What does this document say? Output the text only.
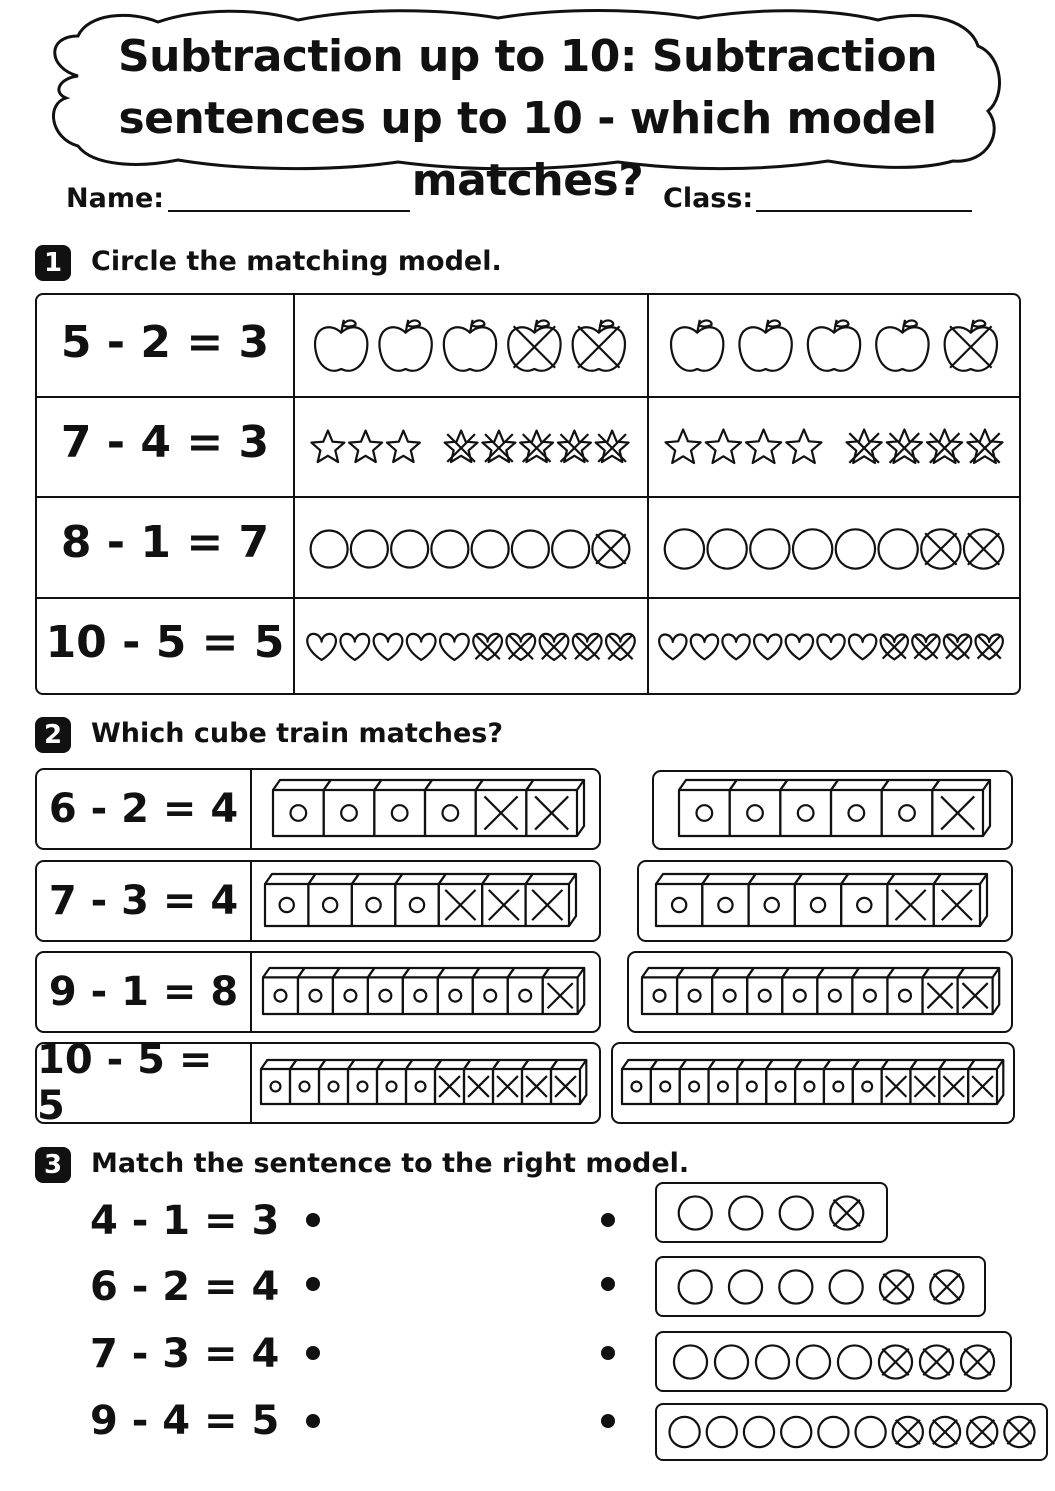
Subtraction up to 10: Subtraction sentences up to 10 - which model matches?
Name:	Class:
1	Circle the matching model.
5 - 2 = 3
7 - 4 = 3
8 - 1 = 7
10 - 5 = 5
2	Which cube train matches?
6 - 2 = 4
7 - 3 = 4
9 - 1 = 8
10 - 5 = 5
3	Match the sentence to the right model.
4 - 1 = 3
6 - 2 = 4
7 - 3 = 4
9 - 4 = 5
